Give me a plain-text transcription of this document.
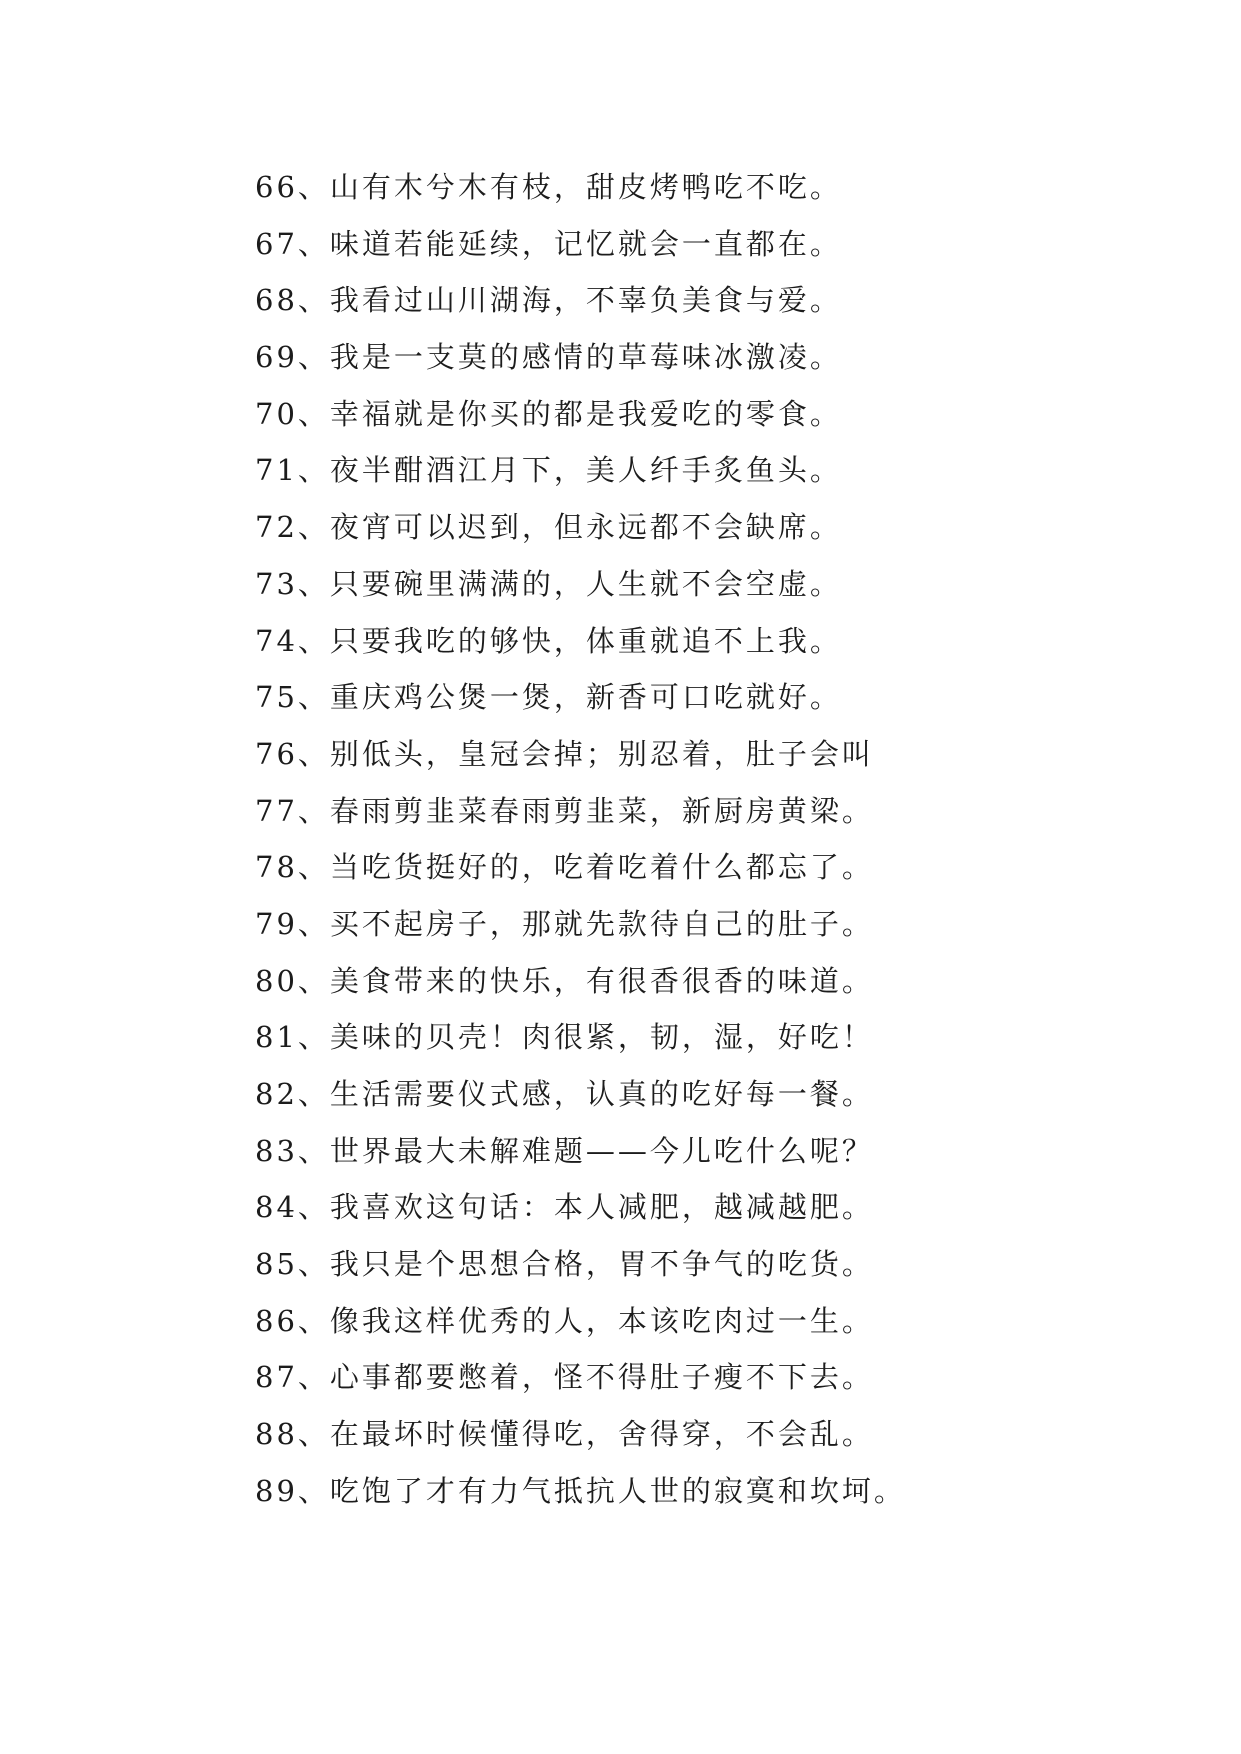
66、山有木兮木有枝，甜皮烤鸭吃不吃。
67、味道若能延续，记忆就会一直都在。
68、我看过山川湖海，不辜负美食与爱。
69、我是一支莫的感情的草莓味冰激凌。
70、幸福就是你买的都是我爱吃的零食。
71、夜半酣酒江月下，美人纤手炙鱼头。
72、夜宵可以迟到，但永远都不会缺席。
73、只要碗里满满的，人生就不会空虚。
74、只要我吃的够快，体重就追不上我。
75、重庆鸡公煲一煲，新香可口吃就好。
76、别低头，皇冠会掉；别忍着，肚子会叫
77、春雨剪韭菜春雨剪韭菜，新厨房黄梁。
78、当吃货挺好的，吃着吃着什么都忘了。
79、买不起房子，那就先款待自己的肚子。
80、美食带来的快乐，有很香很香的味道。
81、美味的贝壳！肉很紧，韧，湿，好吃！
82、生活需要仪式感，认真的吃好每一餐。
83、世界最大未解难题——今儿吃什么呢？
84、我喜欢这句话：本人减肥，越减越肥。
85、我只是个思想合格，胃不争气的吃货。
86、像我这样优秀的人，本该吃肉过一生。
87、心事都要憋着，怪不得肚子瘦不下去。
88、在最坏时候懂得吃，舍得穿，不会乱。
89、吃饱了才有力气抵抗人世的寂寞和坎坷。
